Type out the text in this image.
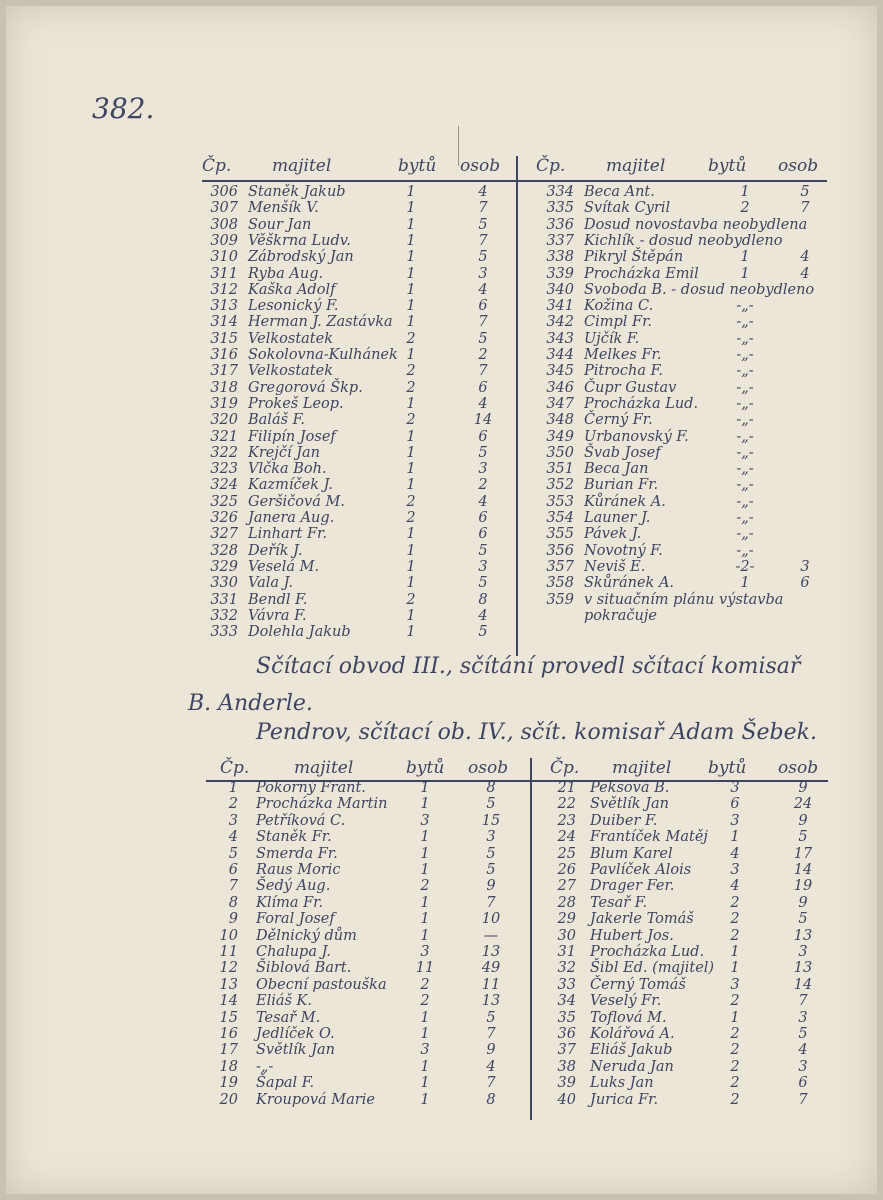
382.
Čp. majitel	bytů osob Čp. majitel	bytů osob
306 Staněk Jakub	1	4
307 Menšík V.	1	7
308 Sour Jan	1	5
309 Věškrna Ludv.	1	7
310 Zábrodský Jan	1	5
311 Ryba Aug.	1	3
312 Kaška Adolf	1	4
313 Lesonický F.	1	6
314 Herman J. Zastávka 1	7
315 Velkostatek	2	5
316 Sokolovna-Kulhánek 1	2
317 Velkostatek	2	7
318 Gregorová Škp.	2	6
319 Prokeš Leop.	1	4
320 Baláš F.	2	14
321 Filipín Josef	1	6
322 Krejčí Jan	1	5
323 Vlčka Boh.	1	3
324 Kazmíček J.	1	2
325 Geršičová M.	2	4
326 Janera Aug.	2	6
327 Linhart Fr.	1	6
328 Deřík J.	1	5
329 Veselá M.	1	3
330 Vala J.	1	5
331 Bendl F.	2	8
332 Vávra F.	1	4
333 Dolehla Jakub	1	5
334 Beca Ant.	1	5
335 Svítak Cyril	2	7
336 Dosud novostavba neobydlena
337 Kichlík - dosud neobydleno
338 Pikryl Štěpán	1	4
339 Procházka Emil	1	4
340 Svoboda B. - dosud neobydleno
341 Kožina C.	-„-
342 Cimpl Fr.	-„-
343 Ujčík F.	-„-
344 Melkes Fr.	-„-
345 Pitrocha F.	-„-
346 Čupr Gustav	-„-
347 Procházka Lud.	-„-
348 Černý Fr.	-„-
349 Urbanovský F.	-„-
350 Švab Josef	-„-
351 Beca Jan	-„-
352 Burian Fr.	-„-
353 Kůránek A.	-„-
354 Launer J.	-„-
355 Pávek J.	-„-
356 Novotný F.	-„-
357 Neviš E.	-2-	3
358 Skůránek A.	1	6
359 v situačním plánu výstavba
pokračuje
Sčítací obvod III., sčítání provedl sčítací komisař
B. Anderle.
Pendrov, sčítací ob. IV., sčít. komisař Adam Šebek.
Čp.	majitel	bytů osob Čp. majitel bytů osob
1 Pokorný Frant.	1	8
2 Procházka Martin	1	5
3 Petříková C.	3	15
4 Staněk Fr.	1	3
5 Smerda Fr.	1	5
6 Raus Moric	1	5
7 Šedý Aug.	2	9
8 Klíma Fr.	1	7
9 Foral Josef	1	10
10 Dělnický dům	1	—
11 Chalupa J.	3	13
12 Šiblová Bart.	11	49
13 Obecní pastouška	2	11
14 Eliáš K.	2	13
15 Tesař M.	1	5
16 Jedlíček O.	1	7
17 Světlík Jan	3	9
18 -„-	1	4
19 Šapal F.	1	7
20 Kroupová Marie	1	8
21 Peksová B.	3	9
22 Světlík Jan	6	24
23 Duiber F.	3	9
24 Frantíček Matěj	1	5
25 Blum Karel	4	17
26 Pavlíček Alois	3	14
27 Drager Fer.	4	19
28 Tesař F.	2	9
29 Jakerle Tomáš	2	5
30 Hubert Jos.	2	13
31 Procházka Lud.	1	3
32 Šibl Ed. (majitel)	1	13
33 Černý Tomáš	3	14
34 Veselý Fr.	2	7
35 Toflová M.	1	3
36 Kolářová A.	2	5
37 Eliáš Jakub	2	4
38 Neruda Jan	2	3
39 Luks Jan	2	6
40 Jurica Fr.	2	7
